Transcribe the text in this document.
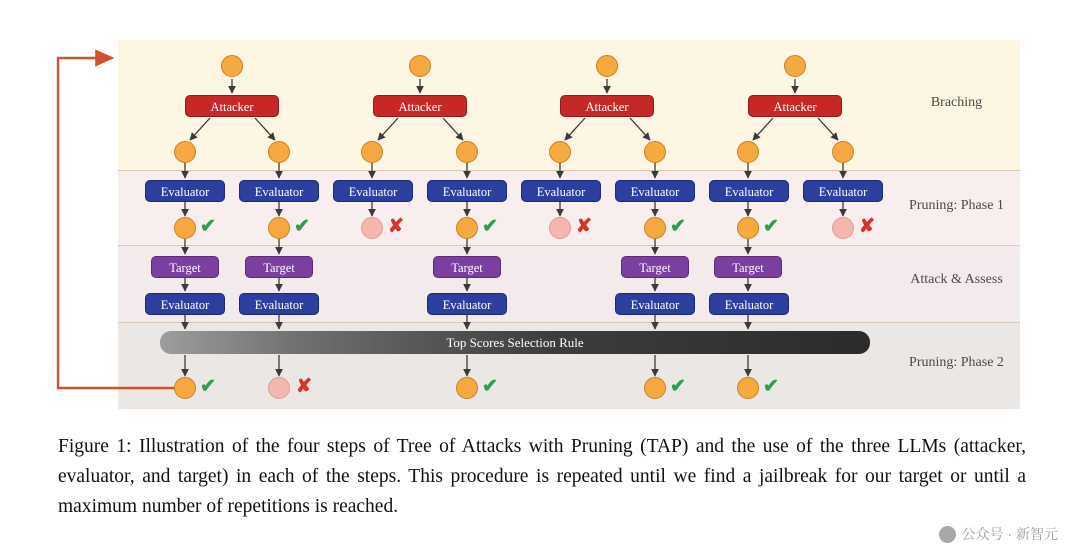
Braching
Pruning: Phase 1
Attack & Assess
Pruning: Phase 2
Attacker	Attacker	Attacker	Attacker
Evaluator	Evaluator	Evaluator	Evaluator	Evaluator	Evaluator	Evaluator	Evaluator
✔	✔	✘	✔	✘	✔	✔	✘
Target	Target	Target	Target	Target
Evaluator	Evaluator	Evaluator	Evaluator	Evaluator
Top Scores Selection Rule
✔	✘	✔	✔	✔
Figure 1: Illustration of the four steps of Tree of Attacks with Pruning (TAP) and the use of the three LLMs (attacker, evaluator, and target) in each of the steps. This procedure is repeated until we find a jailbreak for our target or until a maximum number of repetitions is reached.
公众号 · 新智元
